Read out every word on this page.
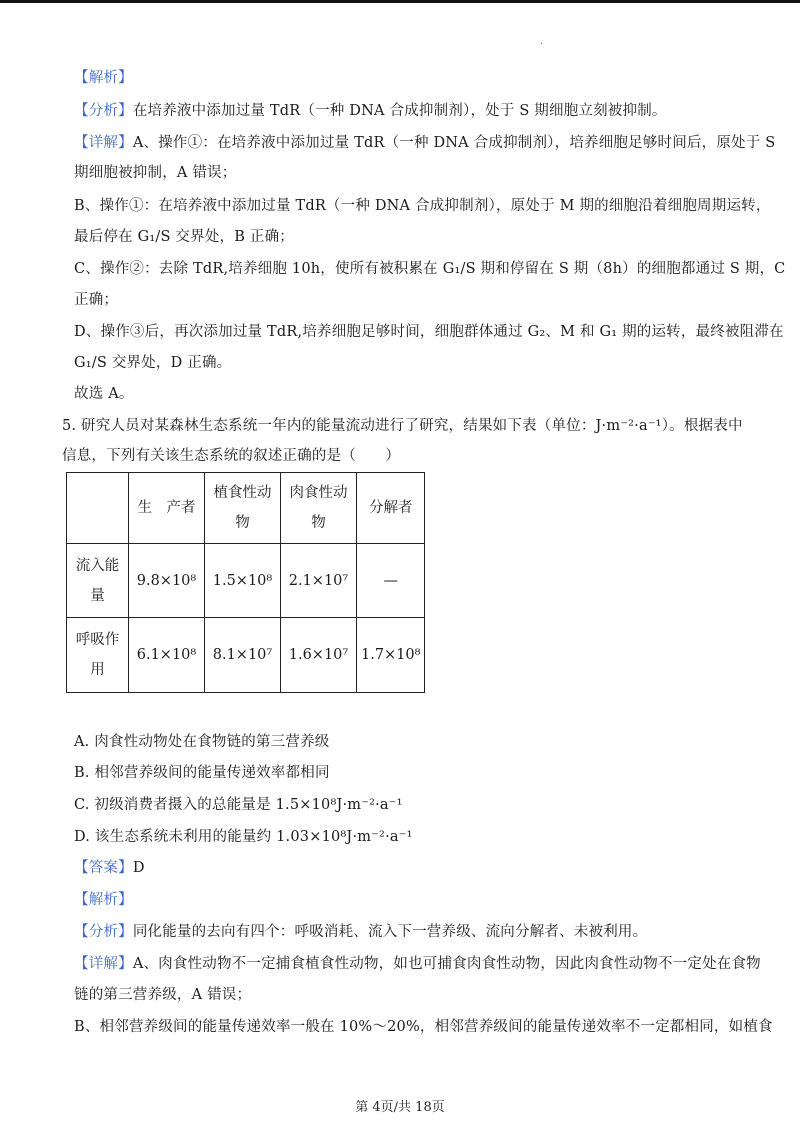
.
【解析】
【分析】在培养液中添加过量 TdR（一种 DNA 合成抑制剂），处于 S 期细胞立刻被抑制。
【详解】A、操作①：在培养液中添加过量 TdR（一种 DNA 合成抑制剂），培养细胞足够时间后，原处于 S
期细胞被抑制，A 错误；
B、操作①：在培养液中添加过量 TdR（一种 DNA 合成抑制剂），原处于 M 期的细胞沿着细胞周期运转，
最后停在 G₁/S 交界处，B 正确；
C、操作②：去除 TdR,培养细胞 10h，使所有被积累在 G₁/S 期和停留在 S 期（8h）的细胞都通过 S 期，C
正确；
D、操作③后，再次添加过量 TdR,培养细胞足够时间，细胞群体通过 G₂、M 和 G₁ 期的运转，最终被阻滞在
G₁/S 交界处，D 正确。
故选 A。
5. 研究人员对某森林生态系统一年内的能量流动进行了研究，结果如下表（单位：J·m⁻²·a⁻¹）。根据表中
信息，下列有关该生态系统的叙述正确的是（　　）
	生　产者	植食性动物	肉食性动物	分解者
流入能量	9.8×10⁸	1.5×10⁸	2.1×10⁷	—
呼吸作用	6.1×10⁸	8.1×10⁷	1.6×10⁷	1.7×10⁸
A. 肉食性动物处在食物链的第三营养级
B. 相邻营养级间的能量传递效率都相同
C. 初级消费者摄入的总能量是 1.5×10⁸J·m⁻²·a⁻¹
D. 该生态系统未利用的能量约 1.03×10⁸J·m⁻²·a⁻¹
【答案】D
【解析】
【分析】同化能量的去向有四个：呼吸消耗、流入下一营养级、流向分解者、未被利用。
【详解】A、肉食性动物不一定捕食植食性动物，如也可捕食肉食性动物，因此肉食性动物不一定处在食物
链的第三营养级，A 错误；
B、相邻营养级间的能量传递效率一般在 10%～20%，相邻营养级间的能量传递效率不一定都相同，如植食
第 4页/共 18页
